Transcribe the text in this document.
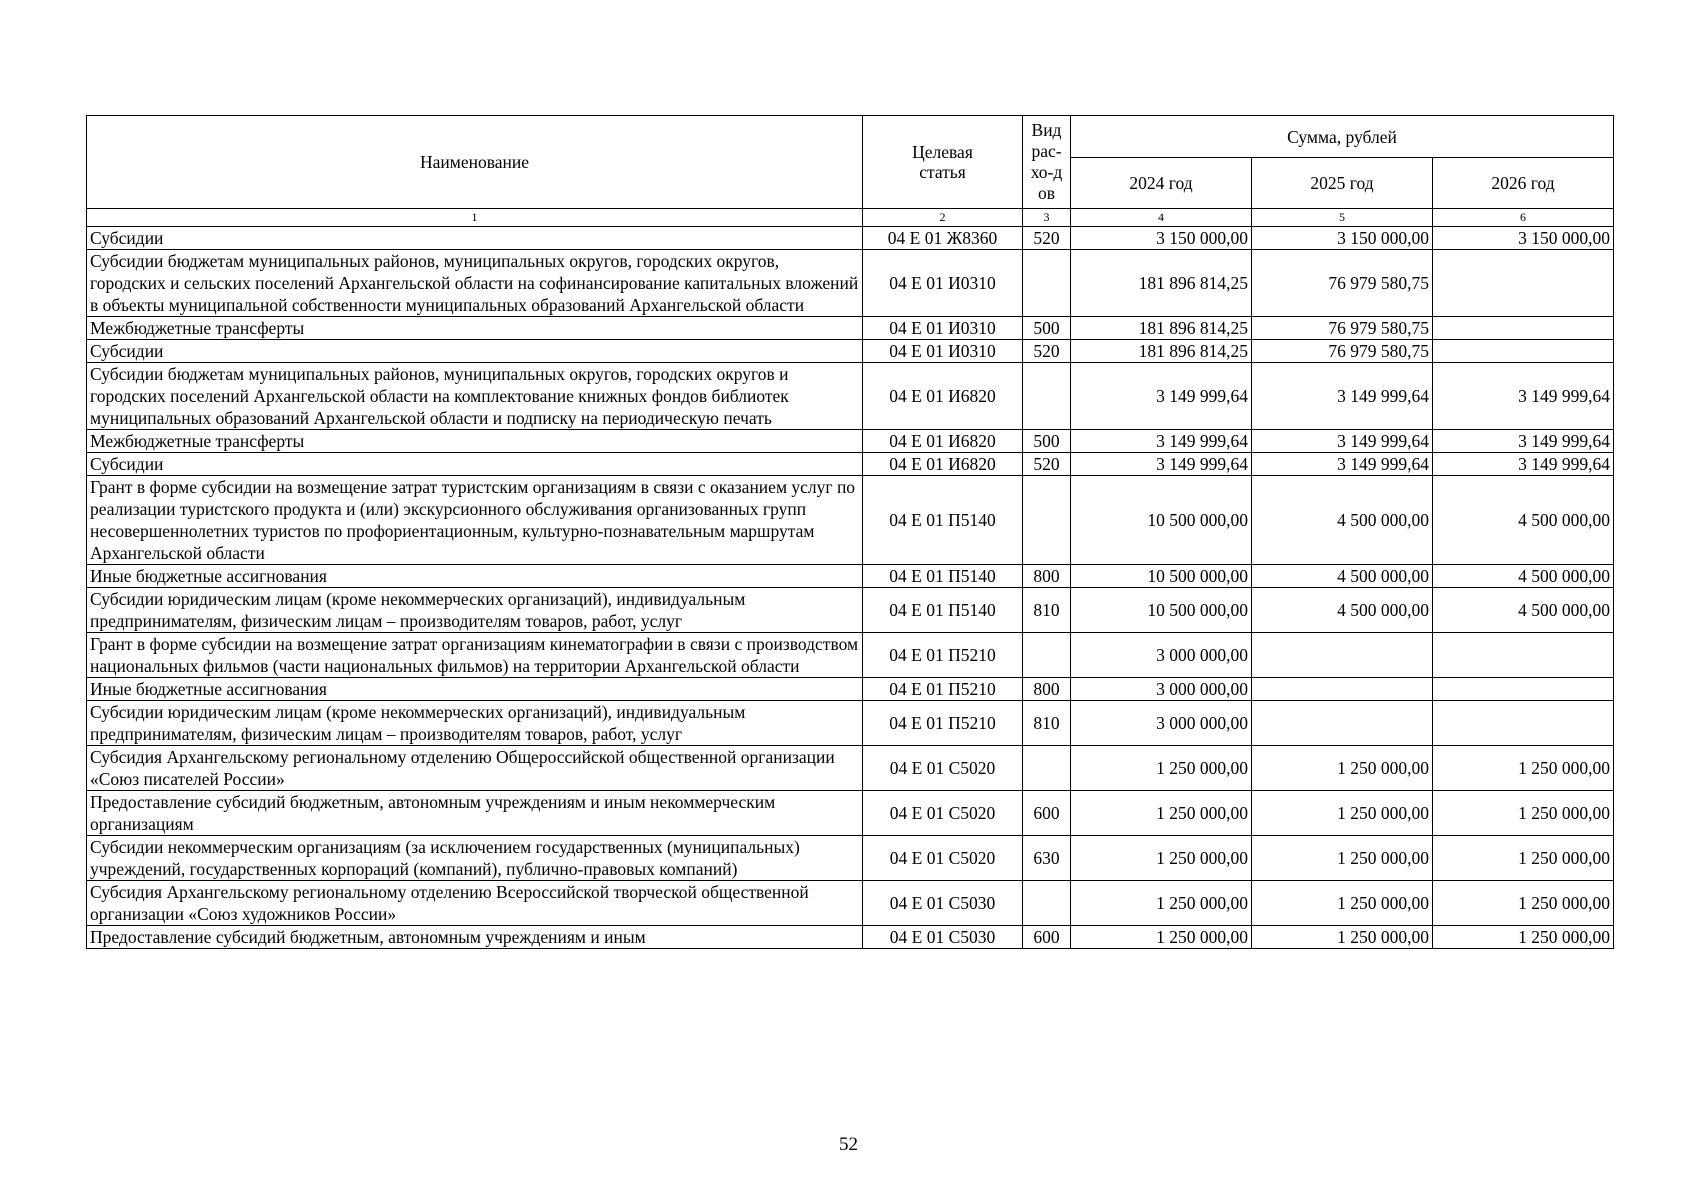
Наименование	Целевая статья	Вид рас-хо-дов	Сумма, рублей		
			2024 год	2025 год	2026 год
1	2	3	4	5	6
Субсидии	04 Е 01 Ж8360	520	3 150 000,00	3 150 000,00	3 150 000,00
Субсидии бюджетам муниципальных районов, муниципальных округов, городских округов, городских и сельских поселений Архангельской области на софинансирование капитальных вложений в объекты муниципальной собственности муниципальных образований Архангельской области	04 Е 01 И0310		181 896 814,25	76 979 580,75	
Межбюджетные трансферты	04 Е 01 И0310	500	181 896 814,25	76 979 580,75	
Субсидии	04 Е 01 И0310	520	181 896 814,25	76 979 580,75	
Субсидии бюджетам муниципальных районов, муниципальных округов, городских округов и городских поселений Архангельской области на комплектование книжных фондов библиотек муниципальных образований Архангельской области и подписку на периодическую печать	04 Е 01 И6820		3 149 999,64	3 149 999,64	3 149 999,64
Межбюджетные трансферты	04 Е 01 И6820	500	3 149 999,64	3 149 999,64	3 149 999,64
Субсидии	04 Е 01 И6820	520	3 149 999,64	3 149 999,64	3 149 999,64
Грант в форме субсидии на возмещение затрат туристским организациям в связи с оказанием услуг по реализации туристского продукта и (или) экскурсионного обслуживания организованных групп несовершеннолетних туристов по профориентационным, культурно-познавательным маршрутам Архангельской области	04 Е 01 П5140		10 500 000,00	4 500 000,00	4 500 000,00
Иные бюджетные ассигнования	04 Е 01 П5140	800	10 500 000,00	4 500 000,00	4 500 000,00
Субсидии юридическим лицам (кроме некоммерческих организаций), индивидуальным предпринимателям, физическим лицам – производителям товаров, работ, услуг	04 Е 01 П5140	810	10 500 000,00	4 500 000,00	4 500 000,00
Грант в форме субсидии на возмещение затрат организациям кинематографии в связи с производством национальных фильмов (части национальных фильмов) на территории Архангельской области	04 Е 01 П5210		3 000 000,00		
Иные бюджетные ассигнования	04 Е 01 П5210	800	3 000 000,00		
Субсидии юридическим лицам (кроме некоммерческих организаций), индивидуальным предпринимателям, физическим лицам – производителям товаров, работ, услуг	04 Е 01 П5210	810	3 000 000,00		
Субсидия Архангельскому региональному отделению Общероссийской общественной организации «Союз писателей России»	04 Е 01 С5020		1 250 000,00	1 250 000,00	1 250 000,00
Предоставление субсидий бюджетным, автономным учреждениям и иным некоммерческим организациям	04 Е 01 С5020	600	1 250 000,00	1 250 000,00	1 250 000,00
Субсидии некоммерческим организациям (за исключением государственных (муниципальных) учреждений, государственных корпораций (компаний), публично-правовых компаний)	04 Е 01 С5020	630	1 250 000,00	1 250 000,00	1 250 000,00
Субсидия Архангельскому региональному отделению Всероссийской творческой общественной организации «Союз художников России»	04 Е 01 С5030		1 250 000,00	1 250 000,00	1 250 000,00
Предоставление субсидий бюджетным, автономным учреждениям и иным	04 Е 01 С5030	600	1 250 000,00	1 250 000,00	1 250 000,00
52
